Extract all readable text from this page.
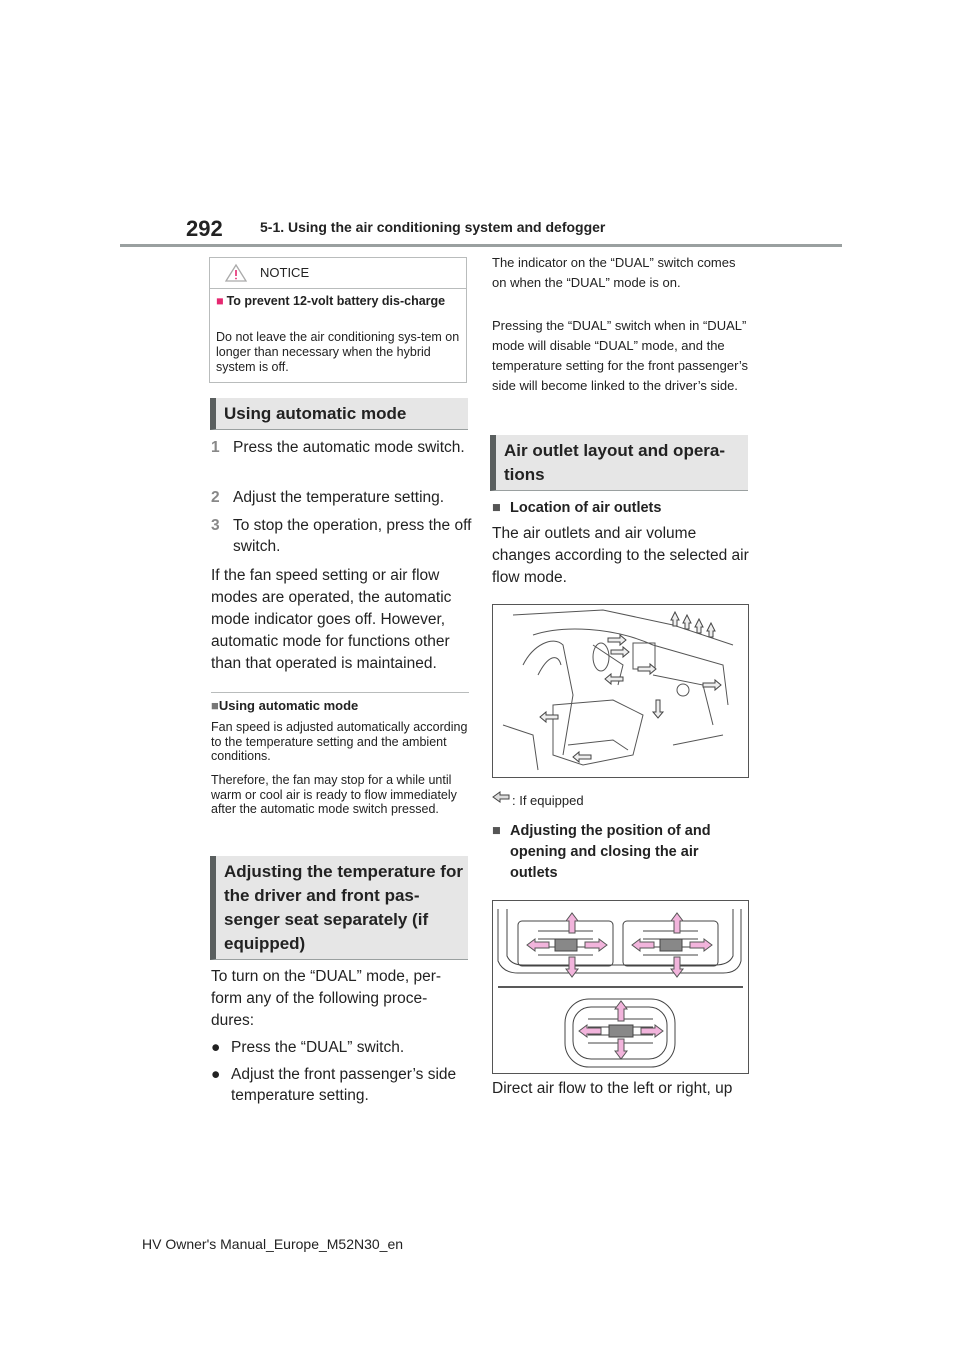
292	5-1. Using the air conditioning system and defogger
NOTICE
■ To prevent 12-volt battery dis-charge
Do not leave the air conditioning sys-tem on longer than necessary when the hybrid system is off.
Using automatic mode
1 Press the automatic mode switch.
2 Adjust the temperature setting.
3 To stop the operation, press the off switch.
If the fan speed setting or air flow modes are operated, the automatic mode indicator goes off. However, automatic mode for functions other than that operated is maintained.
■Using automatic mode
Fan speed is adjusted automatically according to the temperature setting and the ambient conditions.
Therefore, the fan may stop for a while until warm or cool air is ready to flow immediately after the automatic mode switch pressed.
Adjusting the temperature for the driver and front pas-senger seat separately (if equipped)
To turn on the “DUAL” mode, per-form any of the following proce-dures:
● Press the “DUAL” switch.
● Adjust the front passenger’s side temperature setting.
The indicator on the “DUAL” switch comes on when the “DUAL” mode is on.
Pressing the “DUAL” switch when in “DUAL” mode will disable “DUAL” mode, and the temperature setting for the front passenger’s side will become linked to the driver’s side.
Air outlet layout and opera-tions
■ Location of air outlets
The air outlets and air volume changes according to the selected air flow mode.
: If equipped
■ Adjusting the position of and opening and closing the air outlets
Direct air flow to the left or right, up
HV Owner's Manual_Europe_M52N30_en
